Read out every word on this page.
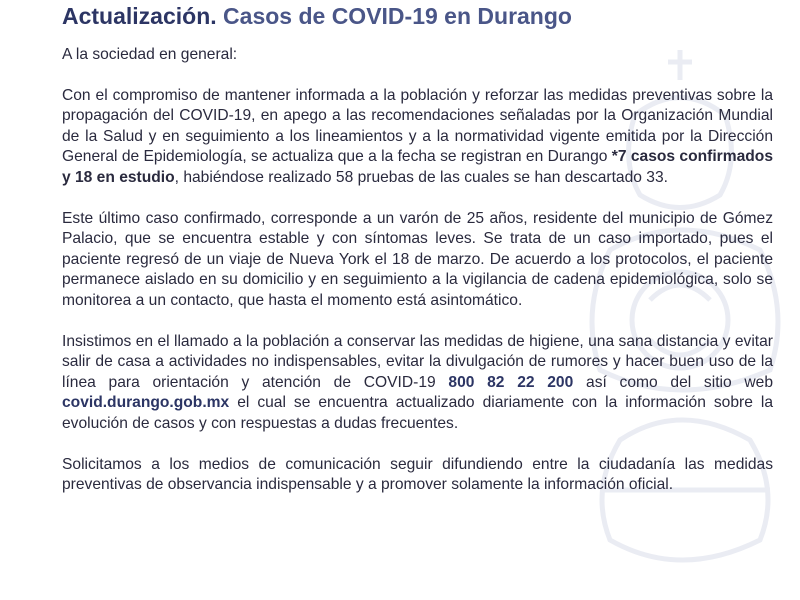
Actualización. Casos de COVID-19 en Durango

A la sociedad en general:

Con el compromiso de mantener informada a la población y reforzar las medidas preventivas sobre la propagación del COVID-19, en apego a las recomendaciones señaladas por la Organización Mundial de la Salud y en seguimiento a los lineamientos y a la normatividad vigente emitida por la Dirección General de Epidemiología, se actualiza que a la fecha se registran en Durango *7 casos confirmados y 18 en estudio, habiéndose realizado 58 pruebas de las cuales se han descartado 33.

Este último caso confirmado, corresponde a un varón de 25 años, residente del municipio de Gómez Palacio, que se encuentra estable y con síntomas leves. Se trata de un caso importado, pues el paciente regresó de un viaje de Nueva York el 18 de marzo. De acuerdo a los protocolos, el paciente permanece aislado en su domicilio y en seguimiento a la vigilancia de cadena epidemiológica, solo se monitorea a un contacto, que hasta el momento está asintomático.

Insistimos en el llamado a la población a conservar las medidas de higiene, una sana distancia y evitar salir de casa a actividades no indispensables, evitar la divulgación de rumores y hacer buen uso de la línea para orientación y atención de COVID-19 800 82 22 200 así como del sitio web covid.durango.gob.mx el cual se encuentra actualizado diariamente con la información sobre la evolución de casos y con respuestas a dudas frecuentes.

Solicitamos a los medios de comunicación seguir difundiendo entre la ciudadanía las medidas preventivas de observancia indispensable y a promover solamente la información oficial.
